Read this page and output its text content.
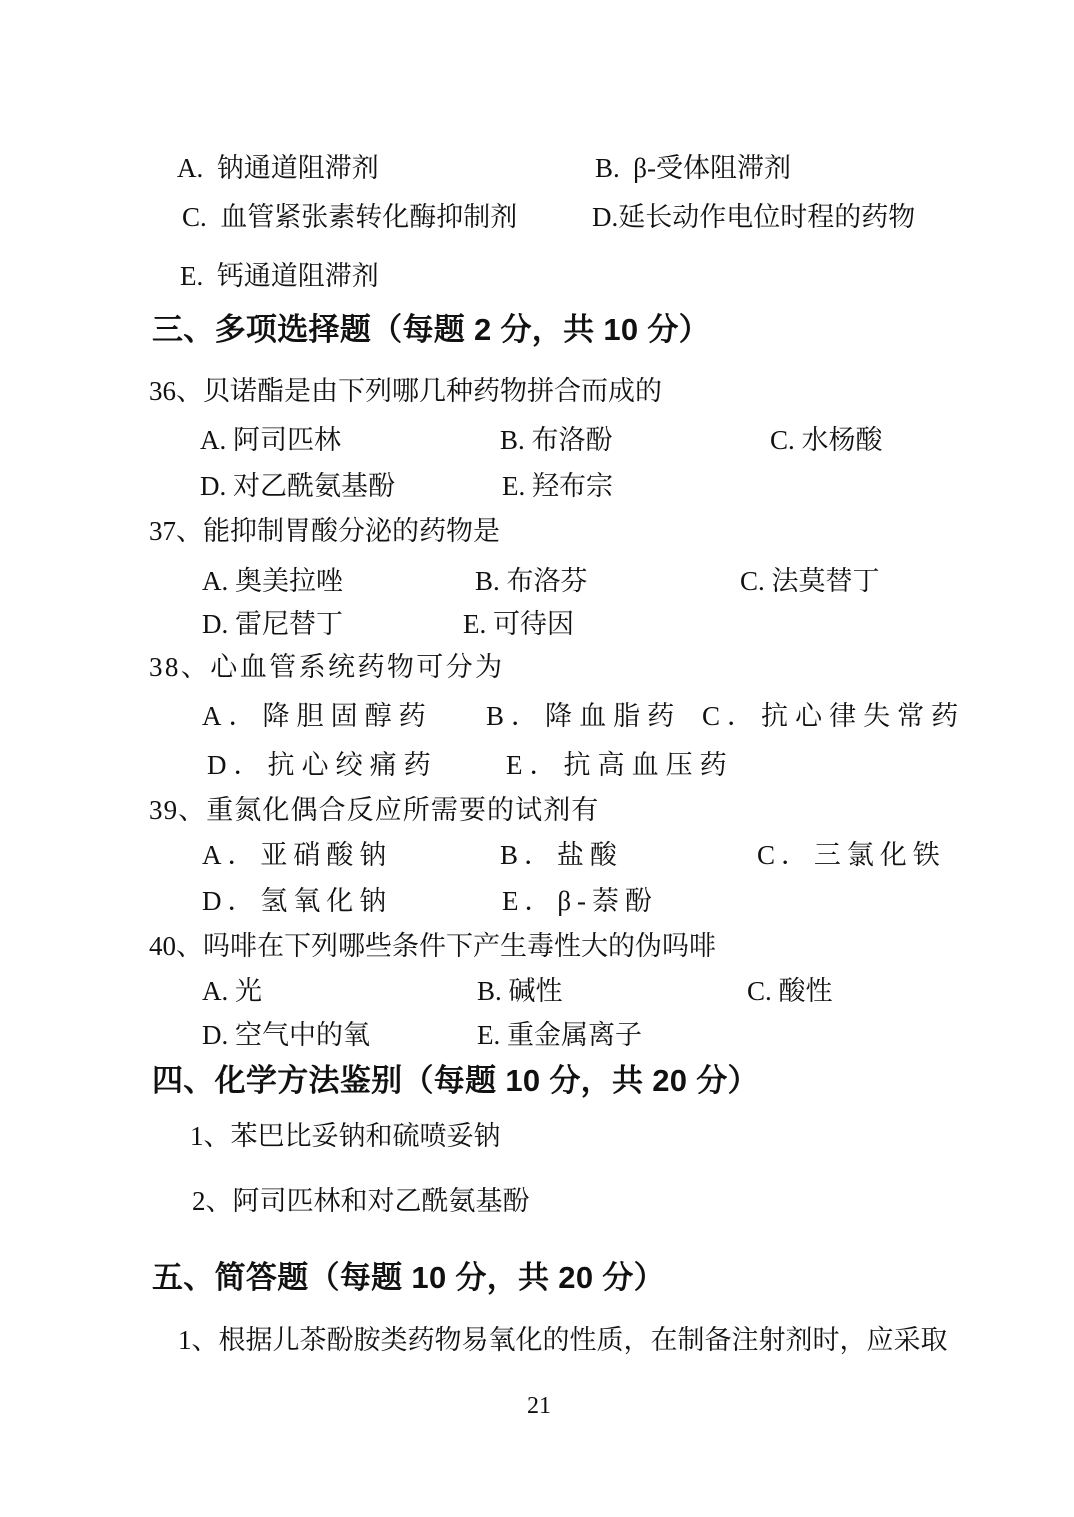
A.  钠通道阻滞剂	B.  β-受体阻滞剂
C.  血管紧张素转化酶抑制剂	D.延长动作电位时程的药物
E.  钙通道阻滞剂
三、多项选择题（每题 2 分，共 10 分）
36、贝诺酯是由下列哪几种药物拼合而成的
A. 阿司匹林	B. 布洛酚	C. 水杨酸
D. 对乙酰氨基酚	E. 羟布宗
37、能抑制胃酸分泌的药物是
A. 奥美拉唑	B. 布洛芬	C. 法莫替丁
D. 雷尼替丁	E. 可待因
38、心血管系统药物可分为
A．降胆固醇药 B．降血脂药 C．抗心律失常药
D．抗心绞痛药	E．抗高血压药
39、重氮化偶合反应所需要的试剂有
A．亚硝酸钠	B．盐酸	C．三氯化铁
D．氢氧化钠	E．β-萘酚
40、吗啡在下列哪些条件下产生毒性大的伪吗啡
A. 光	B. 碱性	C. 酸性
D. 空气中的氧	E. 重金属离子
四、化学方法鉴别（每题 10 分，共 20 分）
1、苯巴比妥钠和硫喷妥钠
2、阿司匹林和对乙酰氨基酚
五、简答题（每题 10 分，共 20 分）
1、根据儿茶酚胺类药物易氧化的性质，在制备注射剂时，应采取
21
